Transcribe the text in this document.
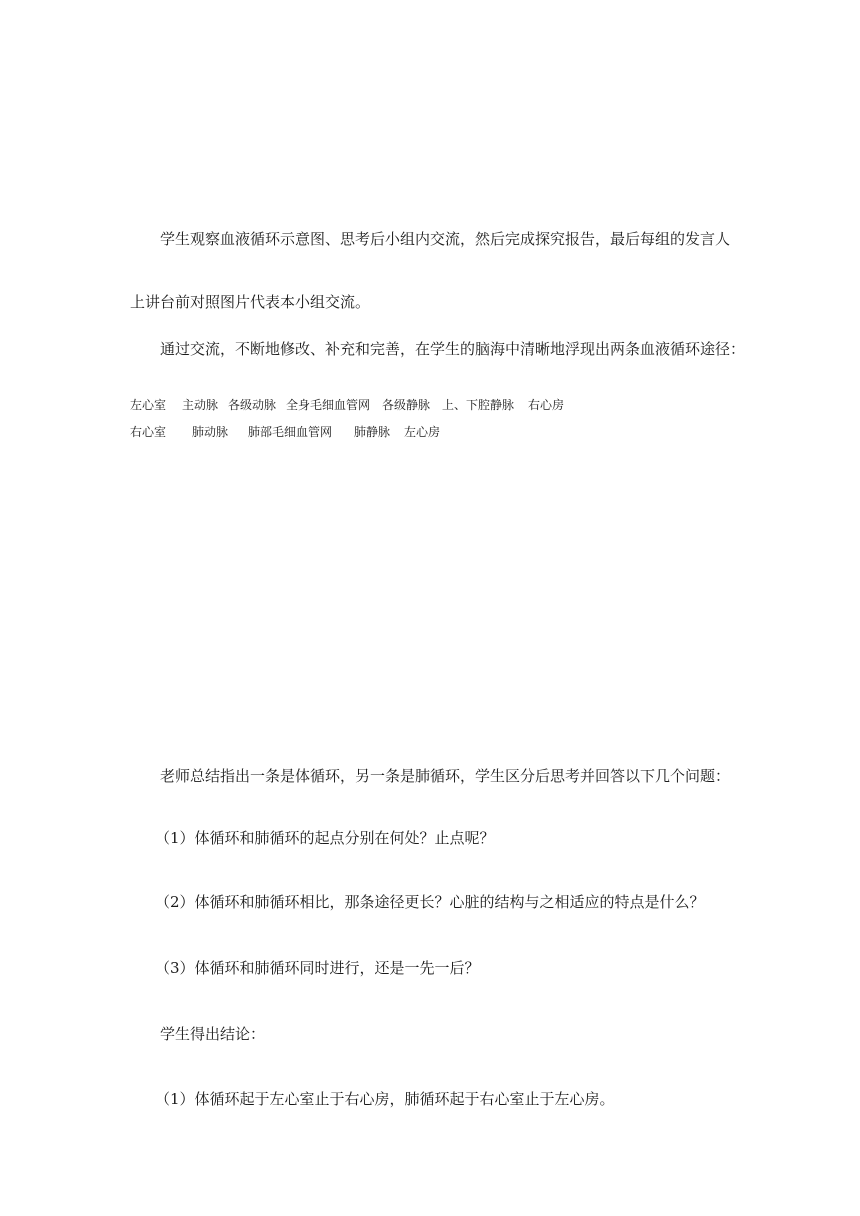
学生观察血液循环示意图、思考后小组内交流，然后完成探究报告，最后每组的发言人
上讲台前对照图片代表本小组交流。
通过交流，不断地修改、补充和完善，在学生的脑海中清晰地浮现出两条血液循环途径：
左心室 主动脉 各级动脉 全身毛细血管网 各级静脉 上、下腔静脉 右心房
右心室 肺动脉 肺部毛细血管网 肺静脉 左心房
老师总结指出一条是体循环，另一条是肺循环，学生区分后思考并回答以下几个问题：
（1）体循环和肺循环的起点分别在何处？止点呢？
（2）体循环和肺循环相比，那条途径更长？心脏的结构与之相适应的特点是什么？
（3）体循环和肺循环同时进行，还是一先一后？
学生得出结论：
（1）体循环起于左心室止于右心房，肺循环起于右心室止于左心房。
